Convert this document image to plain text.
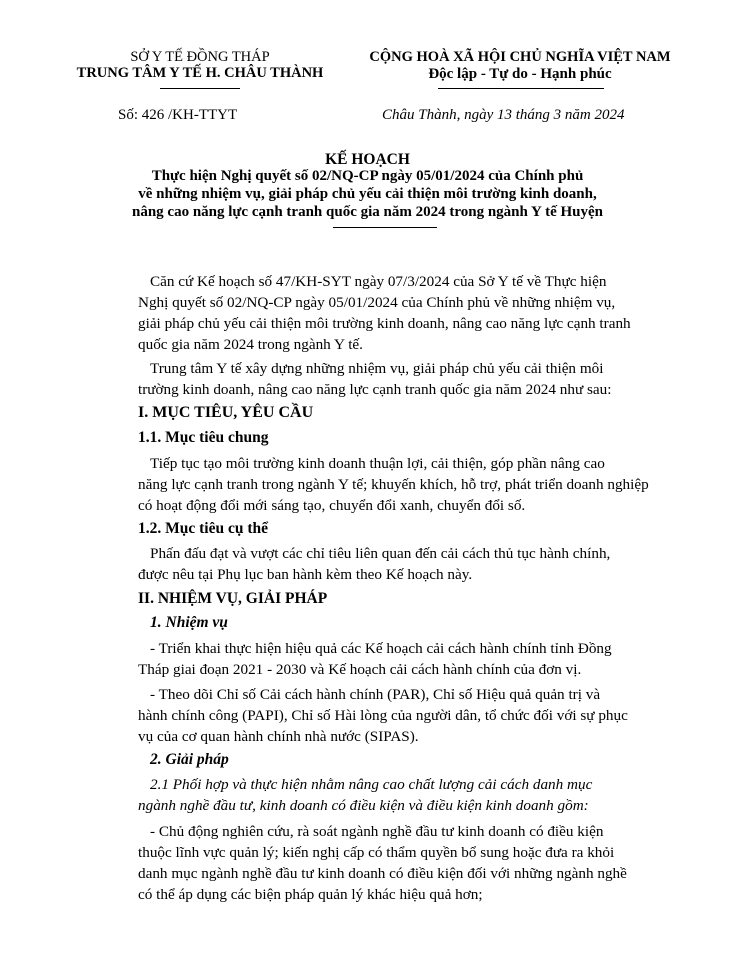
SỞ Y TẾ ĐỒNG THÁP
TRUNG TÂM Y TẾ H. CHÂU THÀNH
Số: 426 /KH-TTYT
CỘNG HOÀ XÃ HỘI CHỦ NGHĨA VIỆT NAM
Độc lập - Tự do - Hạnh phúc
Châu Thành, ngày 13 tháng 3 năm 2024
KẾ HOẠCH
Thực hiện Nghị quyết số 02/NQ-CP ngày 05/01/2024 của Chính phủ
về những nhiệm vụ, giải pháp chủ yếu cải thiện môi trường kinh doanh,
nâng cao năng lực cạnh tranh quốc gia năm 2024 trong ngành Y tế Huyện
Căn cứ Kế hoạch số 47/KH-SYT ngày 07/3/2024 của Sở Y tế về Thực hiện
Nghị quyết số 02/NQ-CP ngày 05/01/2024 của Chính phủ về những nhiệm vụ,
giải pháp chủ yếu cải thiện môi trường kinh doanh, nâng cao năng lực cạnh tranh
quốc gia năm 2024 trong ngành Y tế.
Trung tâm Y tế xây dựng những nhiệm vụ, giải pháp chủ yếu cải thiện môi
trường kinh doanh, nâng cao năng lực cạnh tranh quốc gia năm 2024 như sau:
I. MỤC TIÊU, YÊU CẦU
1.1. Mục tiêu chung
Tiếp tục tạo môi trường kinh doanh thuận lợi, cải thiện, góp phần nâng cao
năng lực cạnh tranh trong ngành Y tế; khuyến khích, hỗ trợ, phát triển doanh nghiệp
có hoạt động đổi mới sáng tạo, chuyển đổi xanh, chuyển đổi số.
1.2. Mục tiêu cụ thể
Phấn đấu đạt và vượt các chỉ tiêu liên quan đến cải cách thủ tục hành chính,
được nêu tại Phụ lục ban hành kèm theo Kế hoạch này.
II. NHIỆM VỤ, GIẢI PHÁP
1. Nhiệm vụ
- Triển khai thực hiện hiệu quả các Kế hoạch cải cách hành chính tỉnh Đồng
Tháp giai đoạn 2021 - 2030 và Kế hoạch cải cách hành chính của đơn vị.
- Theo dõi Chỉ số Cải cách hành chính (PAR), Chỉ số Hiệu quả quản trị và
hành chính công (PAPI), Chỉ số Hài lòng của người dân, tổ chức đối với sự phục
vụ của cơ quan hành chính nhà nước (SIPAS).
2. Giải pháp
2.1 Phối hợp và thực hiện nhằm nâng cao chất lượng cải cách danh mục
ngành nghề đầu tư, kinh doanh có điều kiện và điều kiện kinh doanh gồm:
- Chủ động nghiên cứu, rà soát ngành nghề đầu tư kinh doanh có điều kiện
thuộc lĩnh vực quản lý; kiến nghị cấp có thẩm quyền bổ sung hoặc đưa ra khỏi
danh mục ngành nghề đầu tư kinh doanh có điều kiện đối với những ngành nghề
có thể áp dụng các biện pháp quản lý khác hiệu quả hơn;
